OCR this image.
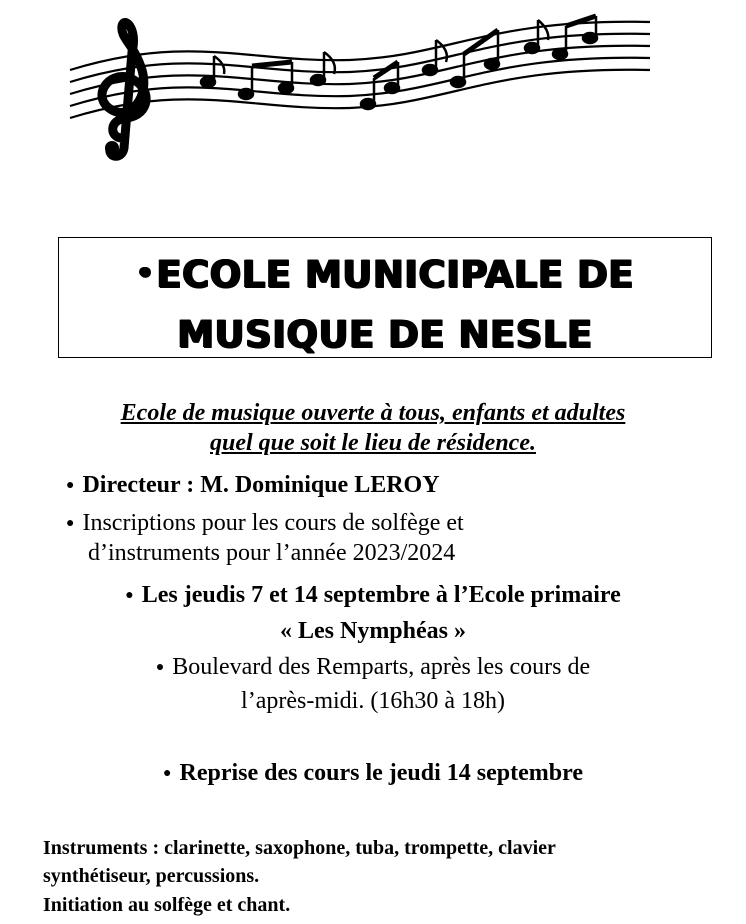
•ECOLE MUNICIPALE DE
MUSIQUE DE NESLE
Ecole de musique ouverte à tous, enfants et adultes
quel que soit le lieu de résidence.
● Directeur : M. Dominique LEROY
● Inscriptions pour les cours de solfège et
d’instruments pour l’année 2023/2024
● Les jeudis 7 et 14 septembre à l’Ecole primaire
« Les Nymphéas »
● Boulevard des Remparts, après les cours de
l’après-midi. (16h30 à 18h)
● Reprise des cours le jeudi 14 septembre
Instruments : clarinette, saxophone, tuba, trompette, clavier
synthétiseur, percussions.
Initiation au solfège et chant.
